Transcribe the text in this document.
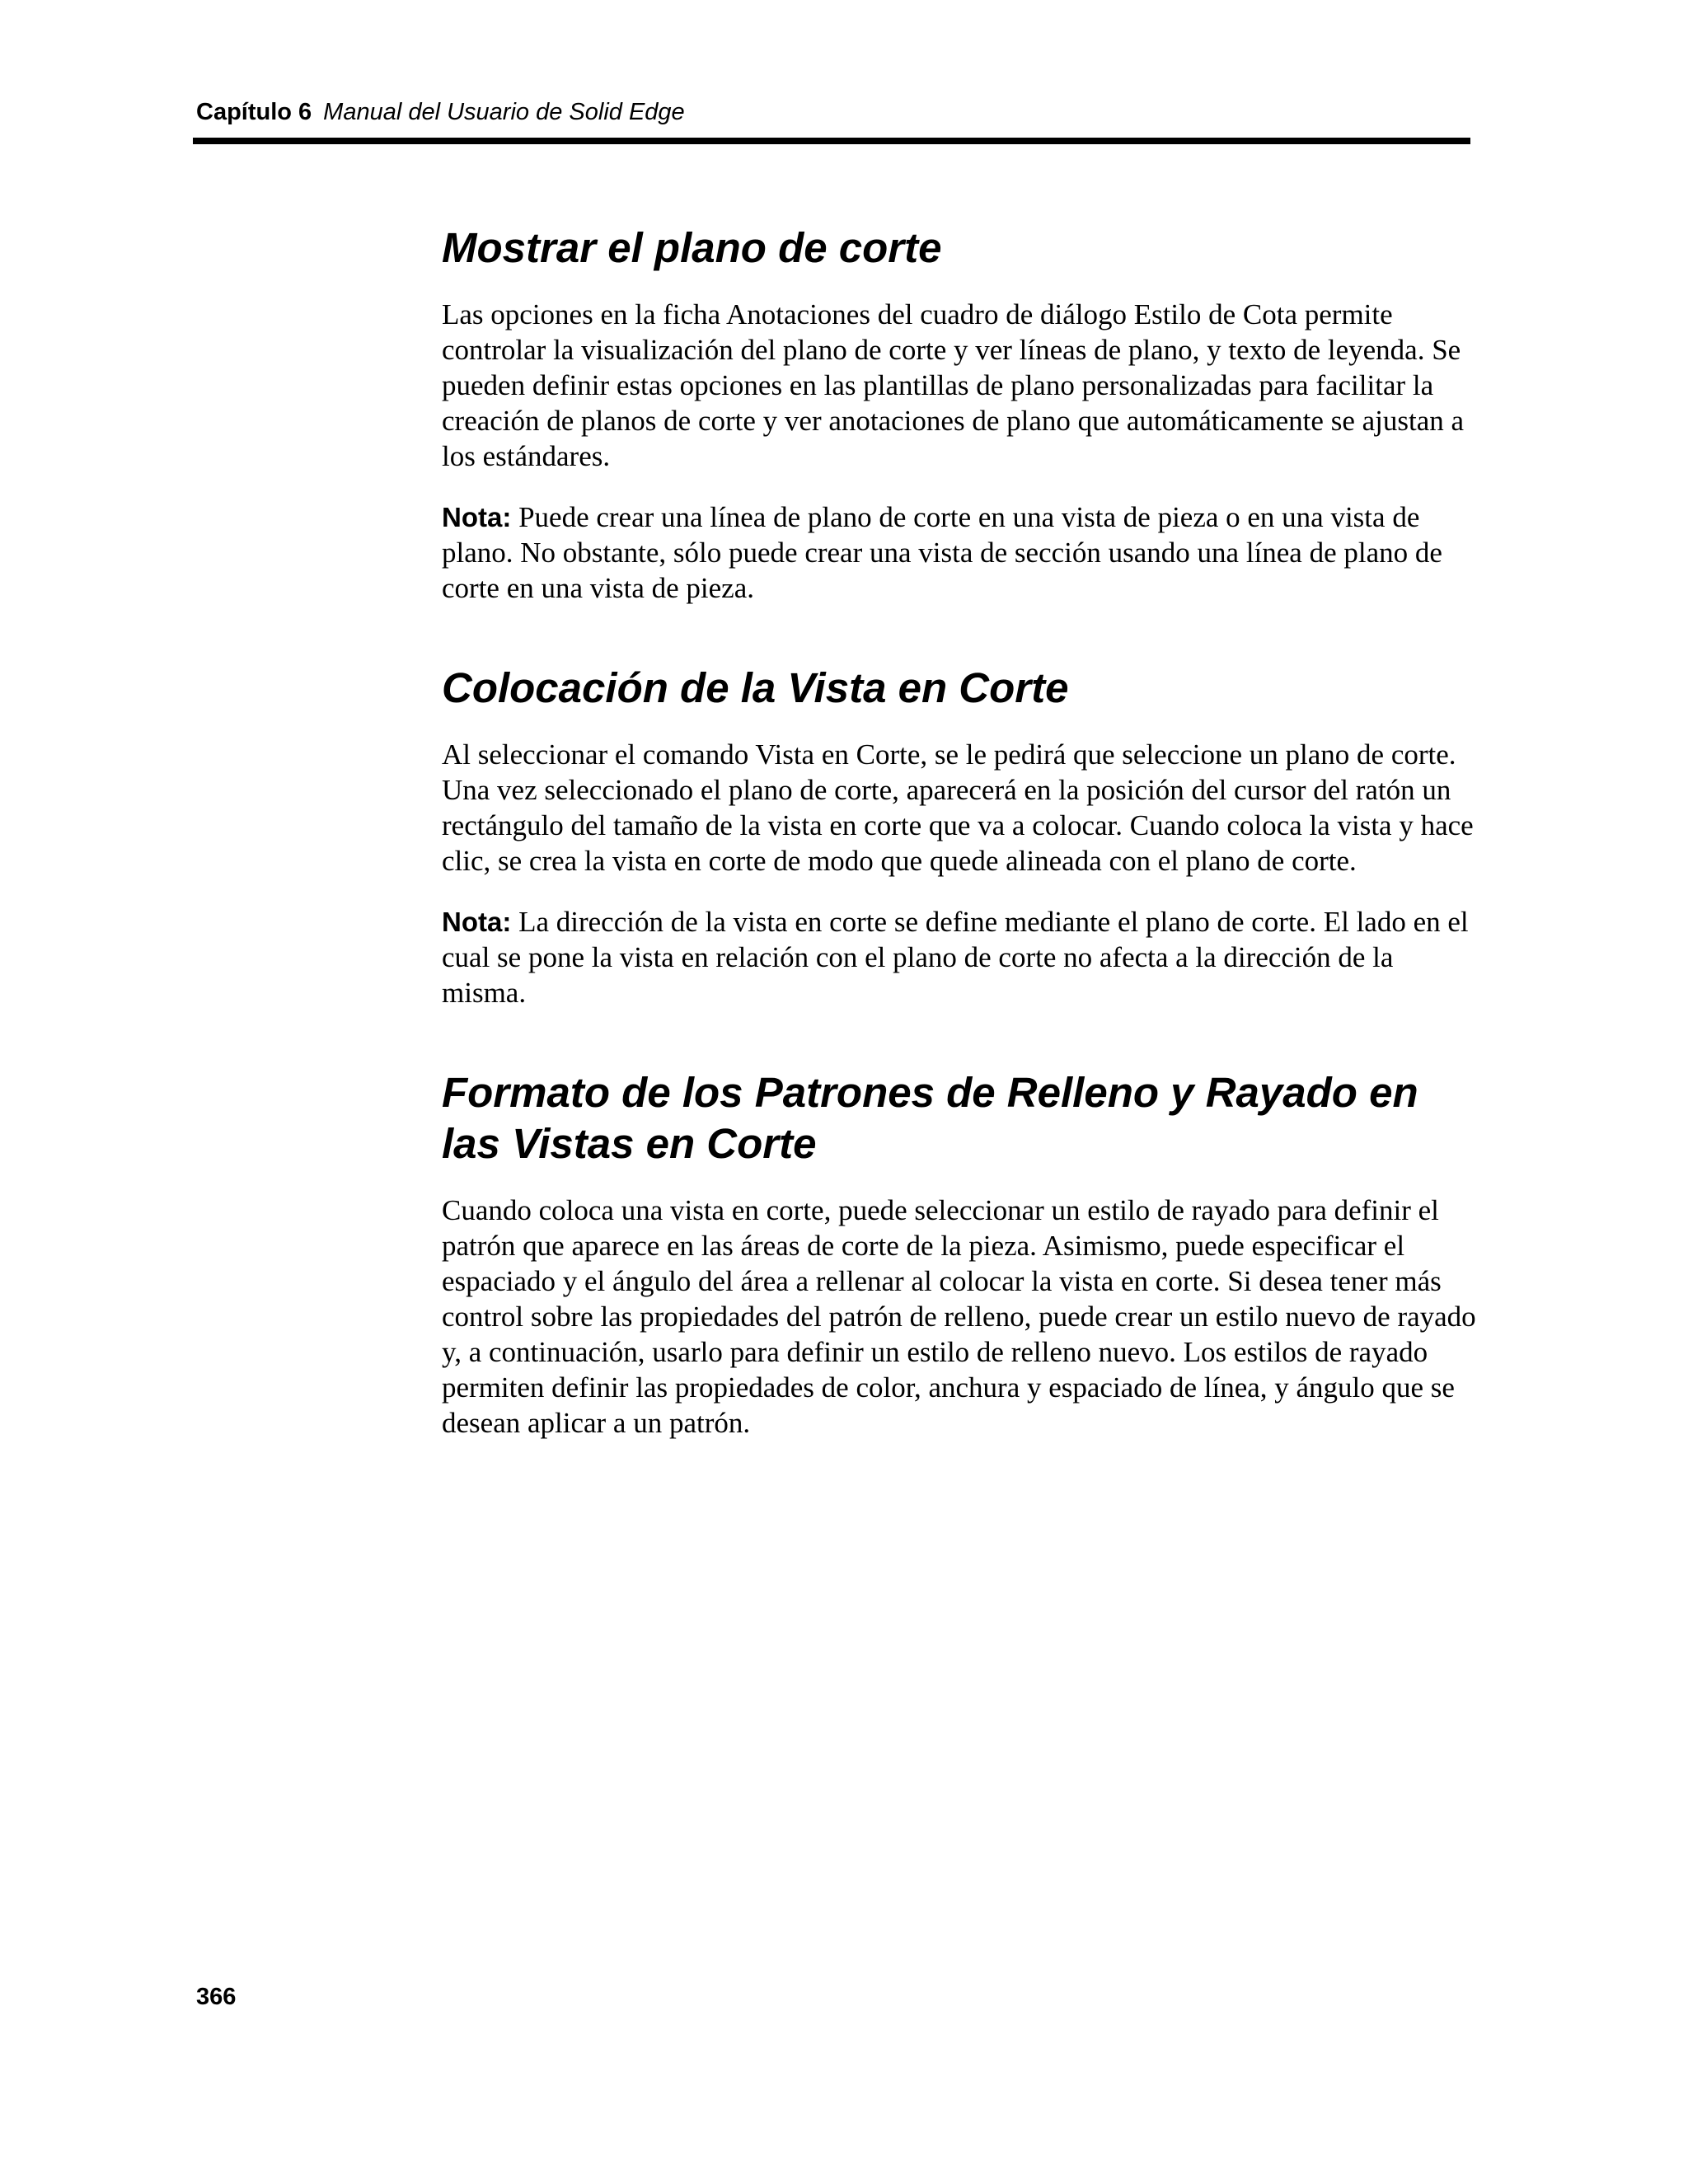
Capítulo 6 Manual del Usuario de Solid Edge
Mostrar el plano de corte

Las opciones en la ficha Anotaciones del cuadro de diálogo Estilo de Cota permite controlar la visualización del plano de corte y ver líneas de plano, y texto de leyenda. Se pueden definir estas opciones en las plantillas de plano personalizadas para facilitar la creación de planos de corte y ver anotaciones de plano que automáticamente se ajustan a los estándares.

Nota: Puede crear una línea de plano de corte en una vista de pieza o en una vista de plano. No obstante, sólo puede crear una vista de sección usando una línea de plano de corte en una vista de pieza.

Colocación de la Vista en Corte

Al seleccionar el comando Vista en Corte, se le pedirá que seleccione un plano de corte. Una vez seleccionado el plano de corte, aparecerá en la posición del cursor del ratón un rectángulo del tamaño de la vista en corte que va a colocar. Cuando coloca la vista y hace clic, se crea la vista en corte de modo que quede alineada con el plano de corte.

Nota: La dirección de la vista en corte se define mediante el plano de corte. El lado en el cual se pone la vista en relación con el plano de corte no afecta a la dirección de la misma.

Formato de los Patrones de Relleno y Rayado en las Vistas en Corte

Cuando coloca una vista en corte, puede seleccionar un estilo de rayado para definir el patrón que aparece en las áreas de corte de la pieza. Asimismo, puede especificar el espaciado y el ángulo del área a rellenar al colocar la vista en corte. Si desea tener más control sobre las propiedades del patrón de relleno, puede crear un estilo nuevo de rayado y, a continuación, usarlo para definir un estilo de relleno nuevo. Los estilos de rayado permiten definir las propiedades de color, anchura y espaciado de línea, y ángulo que se desean aplicar a un patrón.

366
